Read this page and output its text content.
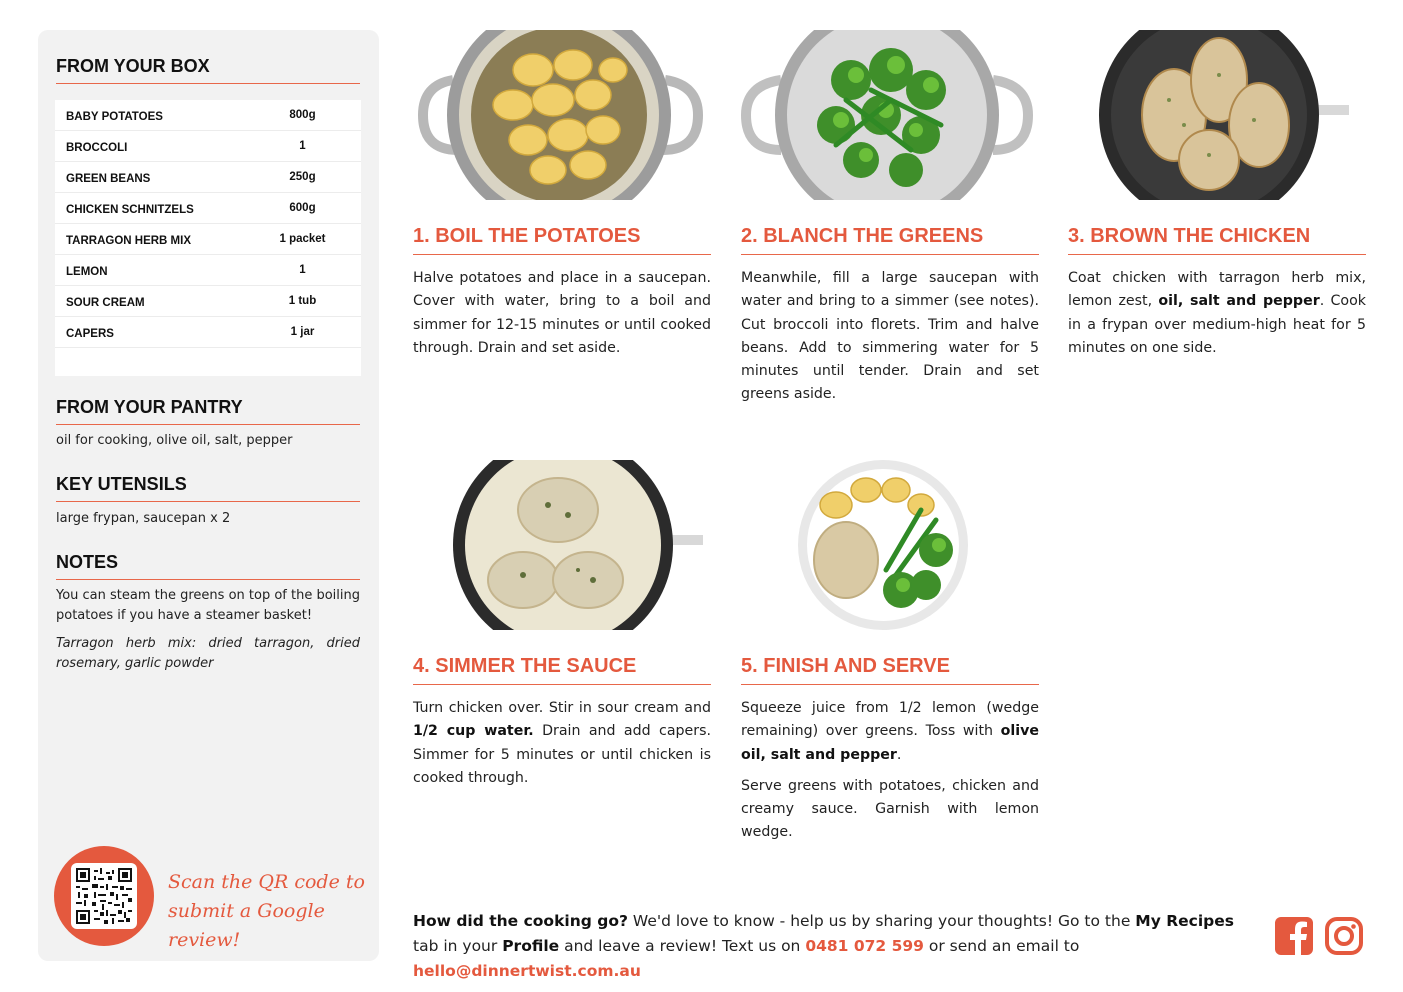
FROM YOUR BOX
BABY POTATOES	800g
BROCCOLI	1
GREEN BEANS	250g
CHICKEN SCHNITZELS	600g
TARRAGON HERB MIX	1 packet
LEMON	1
SOUR CREAM	1 tub
CAPERS	1 jar
FROM YOUR PANTRY
oil for cooking, olive oil, salt, pepper
KEY UTENSILS
large frypan, saucepan x 2
NOTES
You can steam the greens on top of the boiling potatoes if you have a steamer basket!
Tarragon herb mix: dried tarragon, dried rosemary, garlic powder
Scan the QR code to
submit a Google review!
1. BOIL THE POTATOES

Halve potatoes and place in a saucepan. Cover with water, bring to a boil and simmer for 12-15 minutes or until cooked through. Drain and set aside.

2. BLANCH THE GREENS

Meanwhile, fill a large saucepan with water and bring to a simmer (see notes). Cut broccoli into florets. Trim and halve beans. Add to simmering water for 5 minutes until tender. Drain and set greens aside.

3. BROWN THE CHICKEN

Coat chicken with tarragon herb mix, lemon zest, oil, salt and pepper. Cook in a frypan over medium-high heat for 5 minutes on one side.

4. SIMMER THE SAUCE

Turn chicken over. Stir in sour cream and 1/2 cup water. Drain and add capers. Simmer for 5 minutes or until chicken is cooked through.

5. FINISH AND SERVE

Squeeze juice from 1/2 lemon (wedge remaining) over greens. Toss with olive oil, salt and pepper.

Serve greens with potatoes, chicken and creamy sauce. Garnish with lemon wedge.

How did the cooking go? We'd love to know - help us by sharing your thoughts! Go to the My Recipes tab in your Profile and leave a review! Text us on 0481 072 599 or send an email to hello@dinnertwist.com.au
